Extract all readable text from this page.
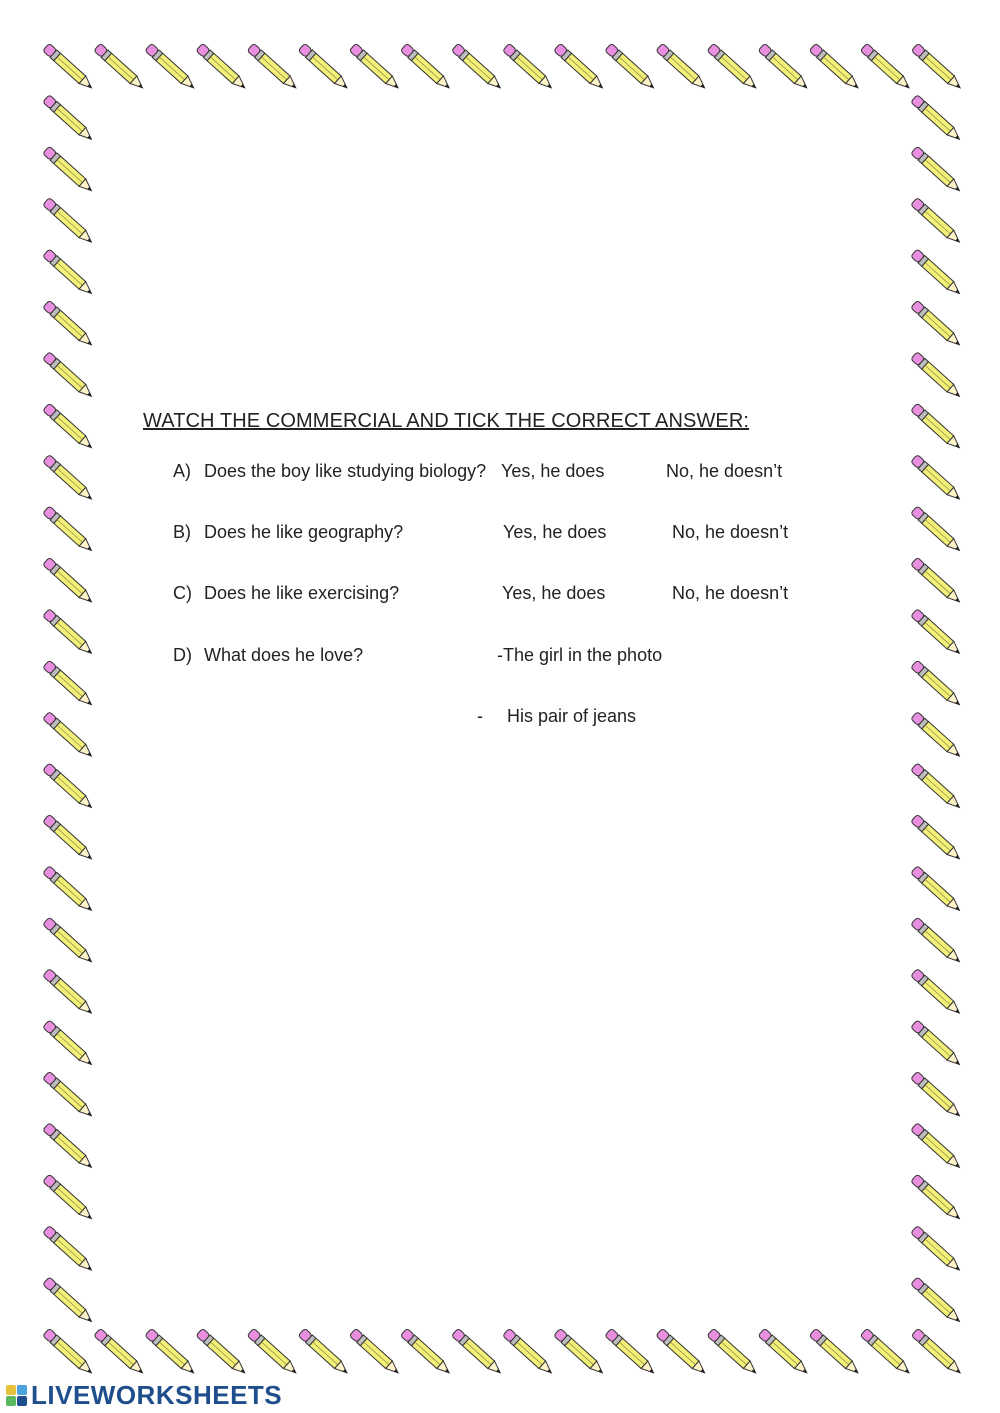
WATCH THE COMMERCIAL AND TICK THE CORRECT ANSWER:
A) Does the boy like studying biology? Yes, he does	No, he doesn’t
B) Does he like geography?	Yes, he does	No, he doesn’t
C) Does he like exercising?	Yes, he does	No, he doesn’t
D) What does he love?	-The girl in the photo
- His pair of jeans
LIVEWORKSHEETS
